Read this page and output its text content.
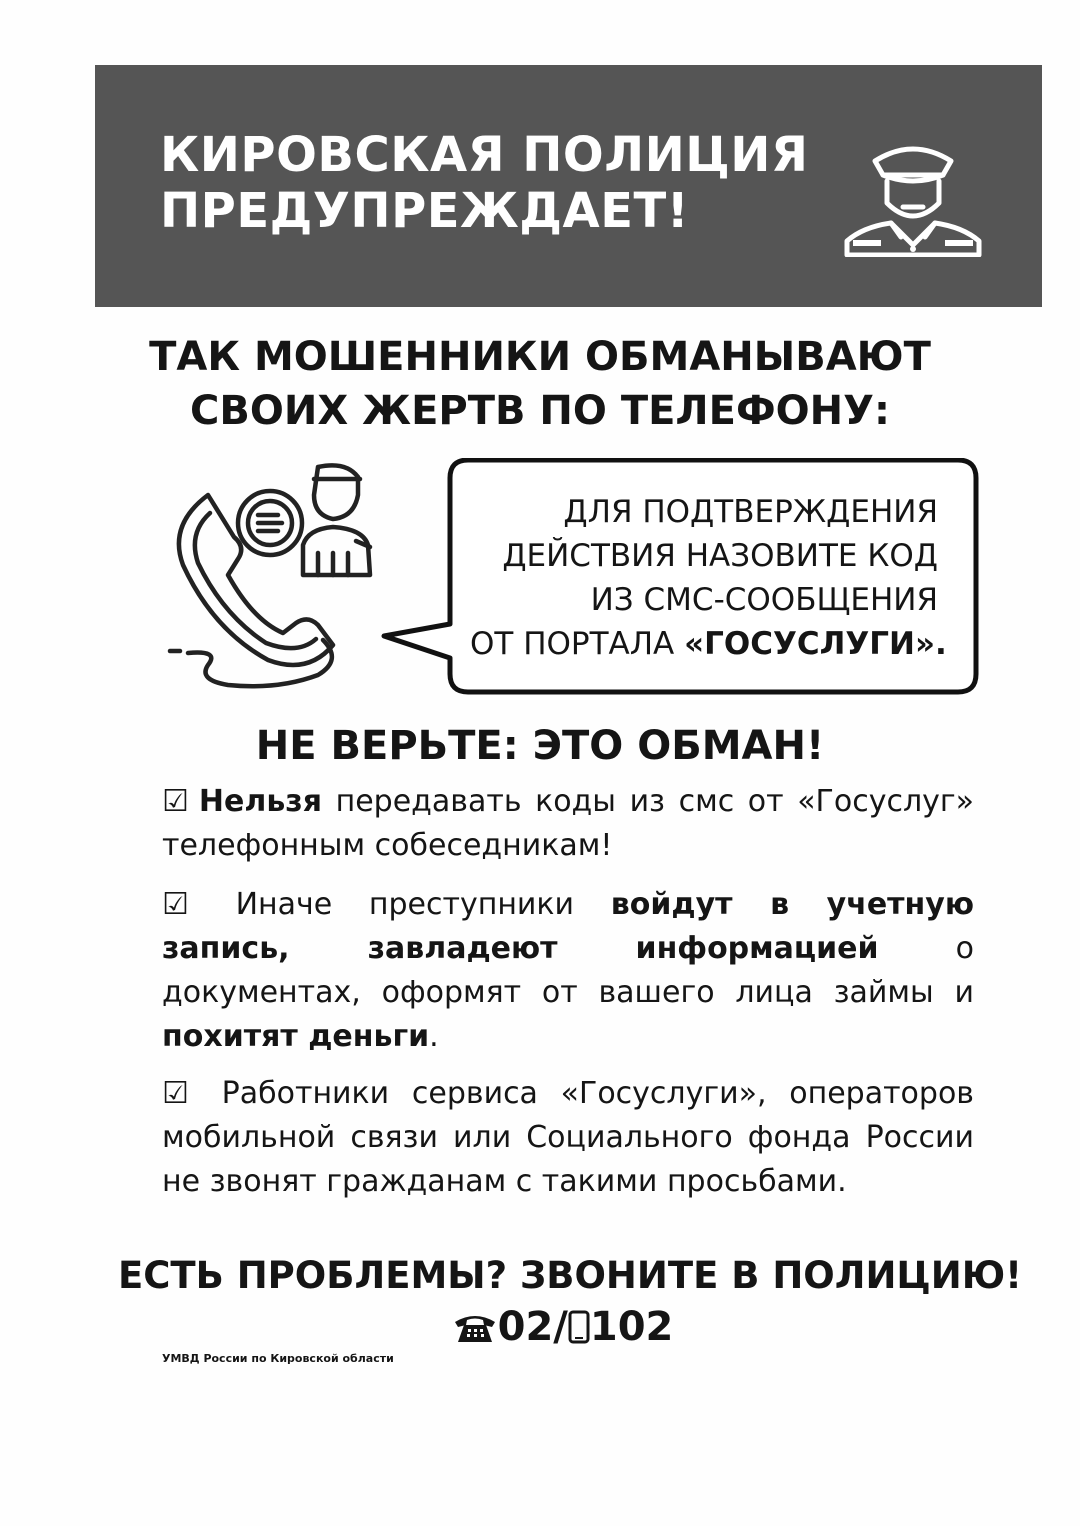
КИРОВСКАЯ ПОЛИЦИЯ
ПРЕДУПРЕЖДАЕТ!
ТАК МОШЕННИКИ ОБМАНЫВАЮТ
СВОИХ ЖЕРТВ ПО ТЕЛЕФОНУ:
ДЛЯ ПОДТВЕРЖДЕНИЯ
ДЕЙСТВИЯ НАЗОВИТЕ КОД
ИЗ СМС-СООБЩЕНИЯ
ОТ ПОРТАЛА «ГОСУСЛУГИ».
НЕ ВЕРЬТЕ: ЭТО ОБМАН!
☑ Нельзя передавать коды из смс от «Госуслуг» телефонным собеседникам!
☑ Иначе преступники войдут в учетную запись, завладеют информацией о документах, оформят от вашего лица займы и похитят деньги.
☑ Работники сервиса «Госуслуги», операторов мобильной связи или Социального фонда России не звонят гражданам с такими просьбами.
ЕСТЬ ПРОБЛЕМЫ? ЗВОНИТЕ В ПОЛИЦИЮ!
02/ 102
УМВД России по Кировской области
